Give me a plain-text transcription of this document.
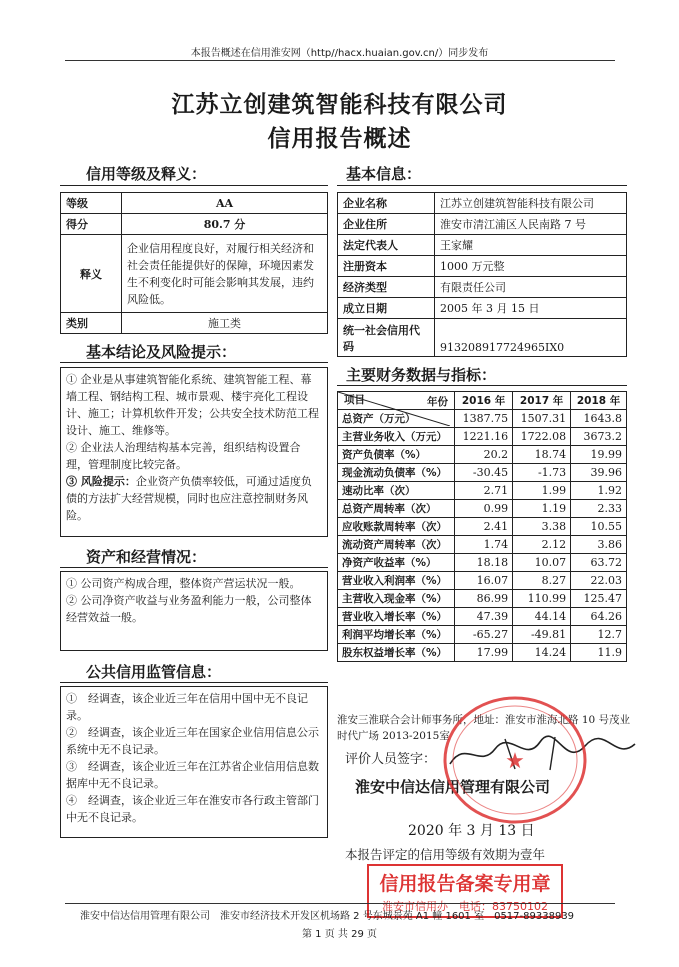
本报告概述在信用淮安网（http//hacx.huaian.gov.cn/）同步发布
江苏立创建筑智能科技有限公司
信用报告概述
信用等级及释义：
等级	AA
得分	80.7 分
释义	企业信用程度良好，对履行相关经济和社会责任能提供好的保障，环境因素发生不利变化时可能会影响其发展，违约风险低。
类别	施工类
基本结论及风险提示：

① 企业是从事建筑智能化系统、建筑智能工程、幕墙工程、钢结构工程、城市景观、楼宇亮化工程设计、施工；计算机软件开发；公共安全技术防范工程设计、施工、维修等。

② 企业法人治理结构基本完善，组织结构设置合理，管理制度比较完备。

③ 风险提示：企业资产负债率较低，可通过适度负债的方法扩大经营规模，同时也应注意控制财务风险。

资产和经营情况：

① 公司资产构成合理，整体资产营运状况一般。

② 公司净资产收益与业务盈利能力一般，公司整体经营效益一般。

公共信用监管信息：

①　经调查，该企业近三年在信用中国中无不良记录。

②　经调查，该企业近三年在国家企业信用信息公示系统中无不良记录。

③　经调查，该企业近三年在江苏省企业信用信息数据库中无不良记录。

④　经调查，该企业近三年在淮安市各行政主管部门中无不良记录。

基本信息：
企业名称	江苏立创建筑智能科技有限公司
企业住所	淮安市清江浦区人民南路 7 号
法定代表人	王家耀
注册资本	1000 万元整
经济类型	有限责任公司
成立日期	2005 年 3 月 15 日
统一社会信用代码	913208917724965IX0
主要财务数据与指标：
年份
项目	2016 年	2017 年	2018 年
总资产（万元）	1387.75	1507.31	1643.8
主营业务收入（万元）	1221.16	1722.08	3673.2
资产负债率（%）	20.2	18.74	19.99
现金流动负债率（%）	-30.45	-1.73	39.96
速动比率（次）	2.71	1.99	1.92
总资产周转率（次）	0.99	1.19	2.33
应收账款周转率（次）	2.41	3.38	10.55
流动资产周转率（次）	1.74	2.12	3.86
净资产收益率（%）	18.18	10.07	63.72
营业收入利润率（%）	16.07	8.27	22.03
主营收入现金率（%）	86.99	110.99	125.47
营业收入增长率（%）	47.39	44.14	64.26
利润平均增长率（%）	-65.27	-49.81	12.7
股东权益增长率（%）	17.99	14.24	11.9
淮安三淮联合会计师事务所，地址：淮安市淮海北路 10 号茂业时代广场 2013-2015室
评价人员签字：
淮安中信达信用管理有限公司
★
2020 年 3 月 13 日
本报告评定的信用等级有效期为壹年
信用报告备案专用章
淮安市信用办　电话：83750102
淮安中信达信用管理有限公司　淮安市经济技术开发区机场路 2 号东城景苑 A1 幢 1601 室　0517-89338939
第 1 页 共 29 页
